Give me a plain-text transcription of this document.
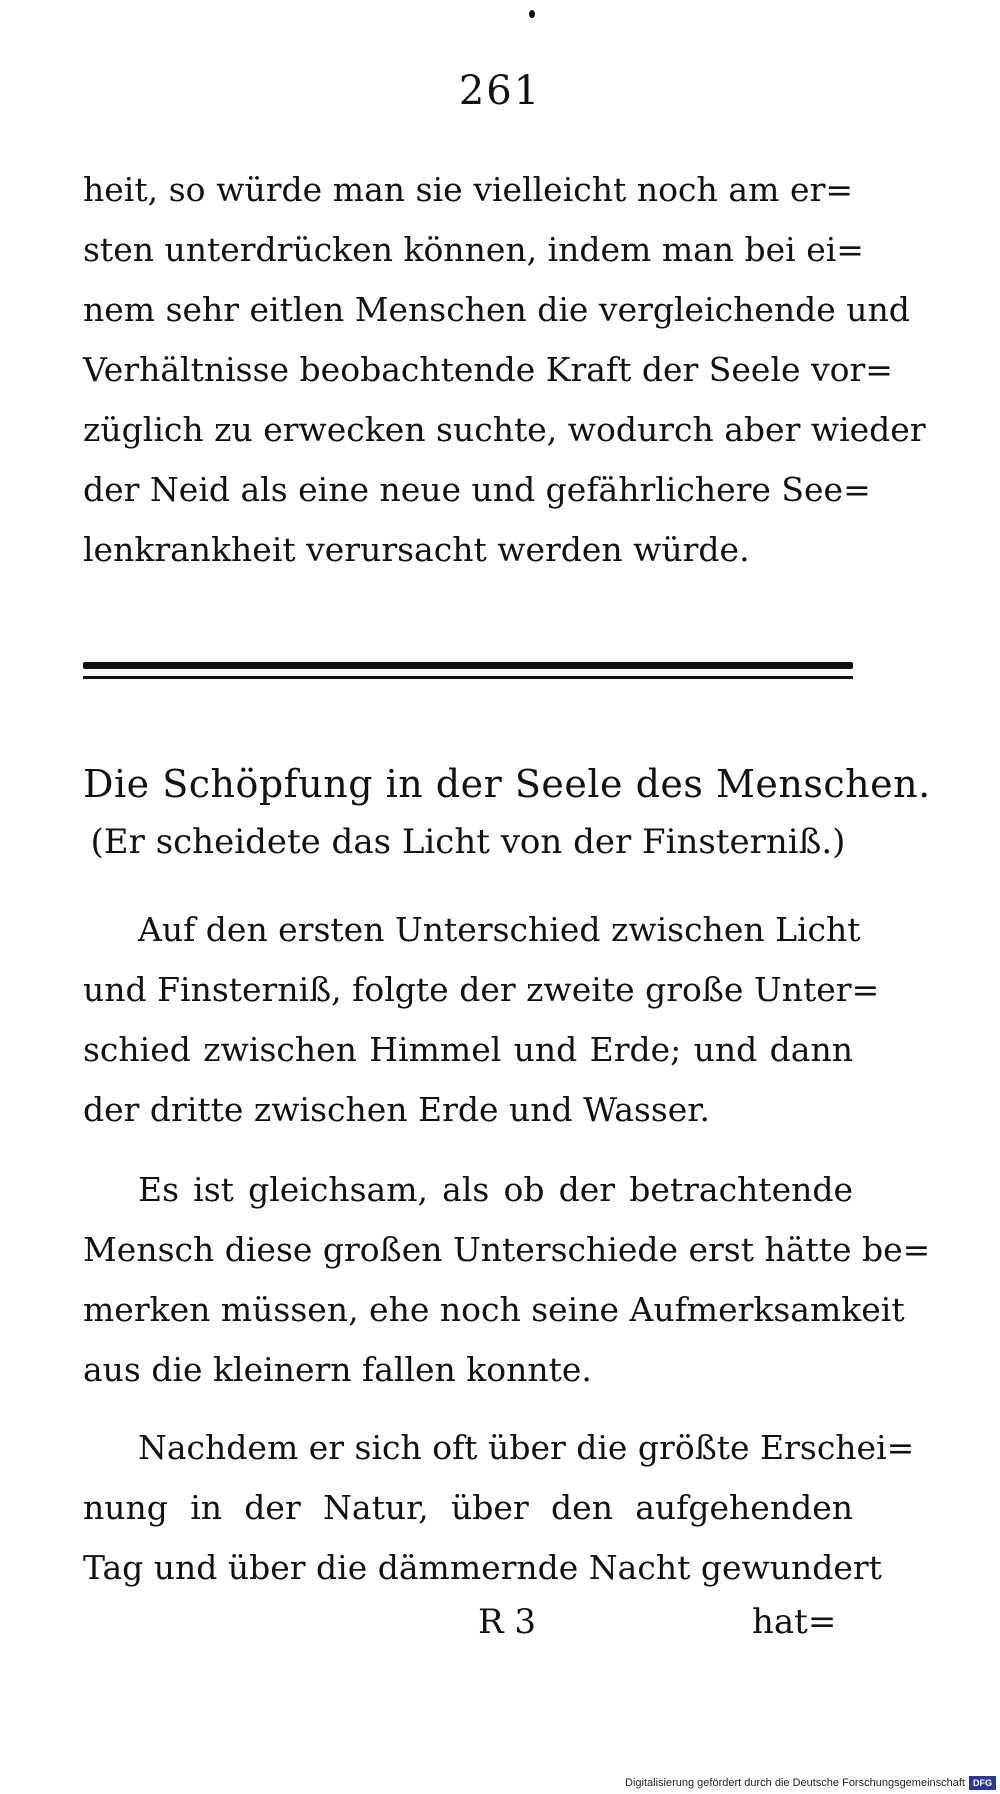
261
heit, so würde man sie vielleicht noch am er=
sten unterdrücken können, indem man bei ei=
nem sehr eitlen Menschen die vergleichende und
Verhältnisse beobachtende Kraft der Seele vor=
züglich zu erwecken suchte, wodurch aber wieder
der Neid als eine neue und gefährlichere See=
lenkrankheit verursacht werden würde.
Die Schöpfung in der Seele des Menschen.
(Er scheidete das Licht von der Finsterniß.)
Auf den ersten Unterschied zwischen Licht
und Finsterniß, folgte der zweite große Unter=
schied zwischen Himmel und Erde; und dann
der dritte zwischen Erde und Wasser.
Es ist gleichsam, als ob der betrachtende
Mensch diese großen Unterschiede erst hätte be=
merken müssen, ehe noch seine Aufmerksamkeit
aus die kleinern fallen konnte.
Nachdem er sich oft über die größte Erschei=
nung in der Natur, über den aufgehenden
Tag und über die dämmernde Nacht gewundert
R 3	hat=
Digitalisierung gefördert durch die Deutsche Forschungsgemeinschaft DFG
